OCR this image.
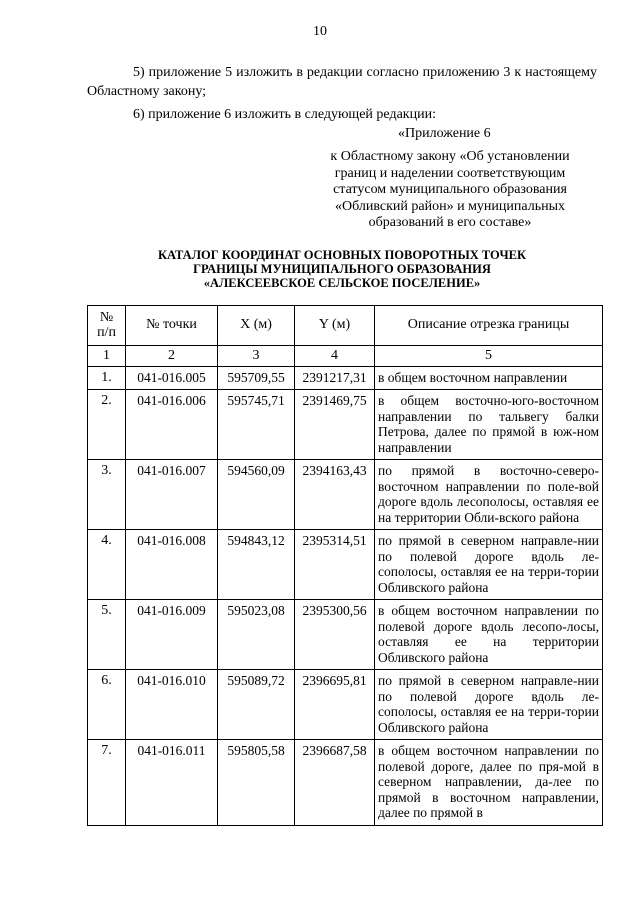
10
5) приложение 5 изложить в редакции согласно приложению 3 к настоящему Областному закону;
6) приложение 6 изложить в следующей редакции:
«Приложение 6
к Областному закону «Об установлении
границ и наделении соответствующим
статусом муниципального образования
«Обливский район» и муниципальных
образований в его составе»
КАТАЛОГ КООРДИНАТ ОСНОВНЫХ ПОВОРОТНЫХ ТОЧЕК
ГРАНИЦЫ МУНИЦИПАЛЬНОГО ОБРАЗОВАНИЯ
«АЛЕКСЕЕВСКОЕ СЕЛЬСКОЕ ПОСЕЛЕНИЕ»
№
п/п	№ точки	X (м)	Y (м)	Описание отрезка границы
1	2	3	4	5
1.	041-016.005	595709,55	2391217,31	в общем восточном направлении
2.	041-016.006	595745,71	2391469,75	в общем восточно-юго-восточном направлении по тальвегу балки Петрова, далее по прямой в юж-ном направлении
3.	041-016.007	594560,09	2394163,43	по прямой в восточно-северо-восточном направлении по поле-вой дороге вдоль лесополосы, оставляя ее на территории Обли-вского района
4.	041-016.008	594843,12	2395314,51	по прямой в северном направле-нии по полевой дороге вдоль ле-сополосы, оставляя ее на терри-тории Обливского района
5.	041-016.009	595023,08	2395300,56	в общем восточном направлении по полевой дороге вдоль лесопо-лосы, оставляя ее на территории Обливского района
6.	041-016.010	595089,72	2396695,81	по прямой в северном направле-нии по полевой дороге вдоль ле-сополосы, оставляя ее на терри-тории Обливского района
7.	041-016.011	595805,58	2396687,58	в общем восточном направлении по полевой дороге, далее по пря-мой в северном направлении, да-лее по прямой в восточном направлении, далее по прямой в
